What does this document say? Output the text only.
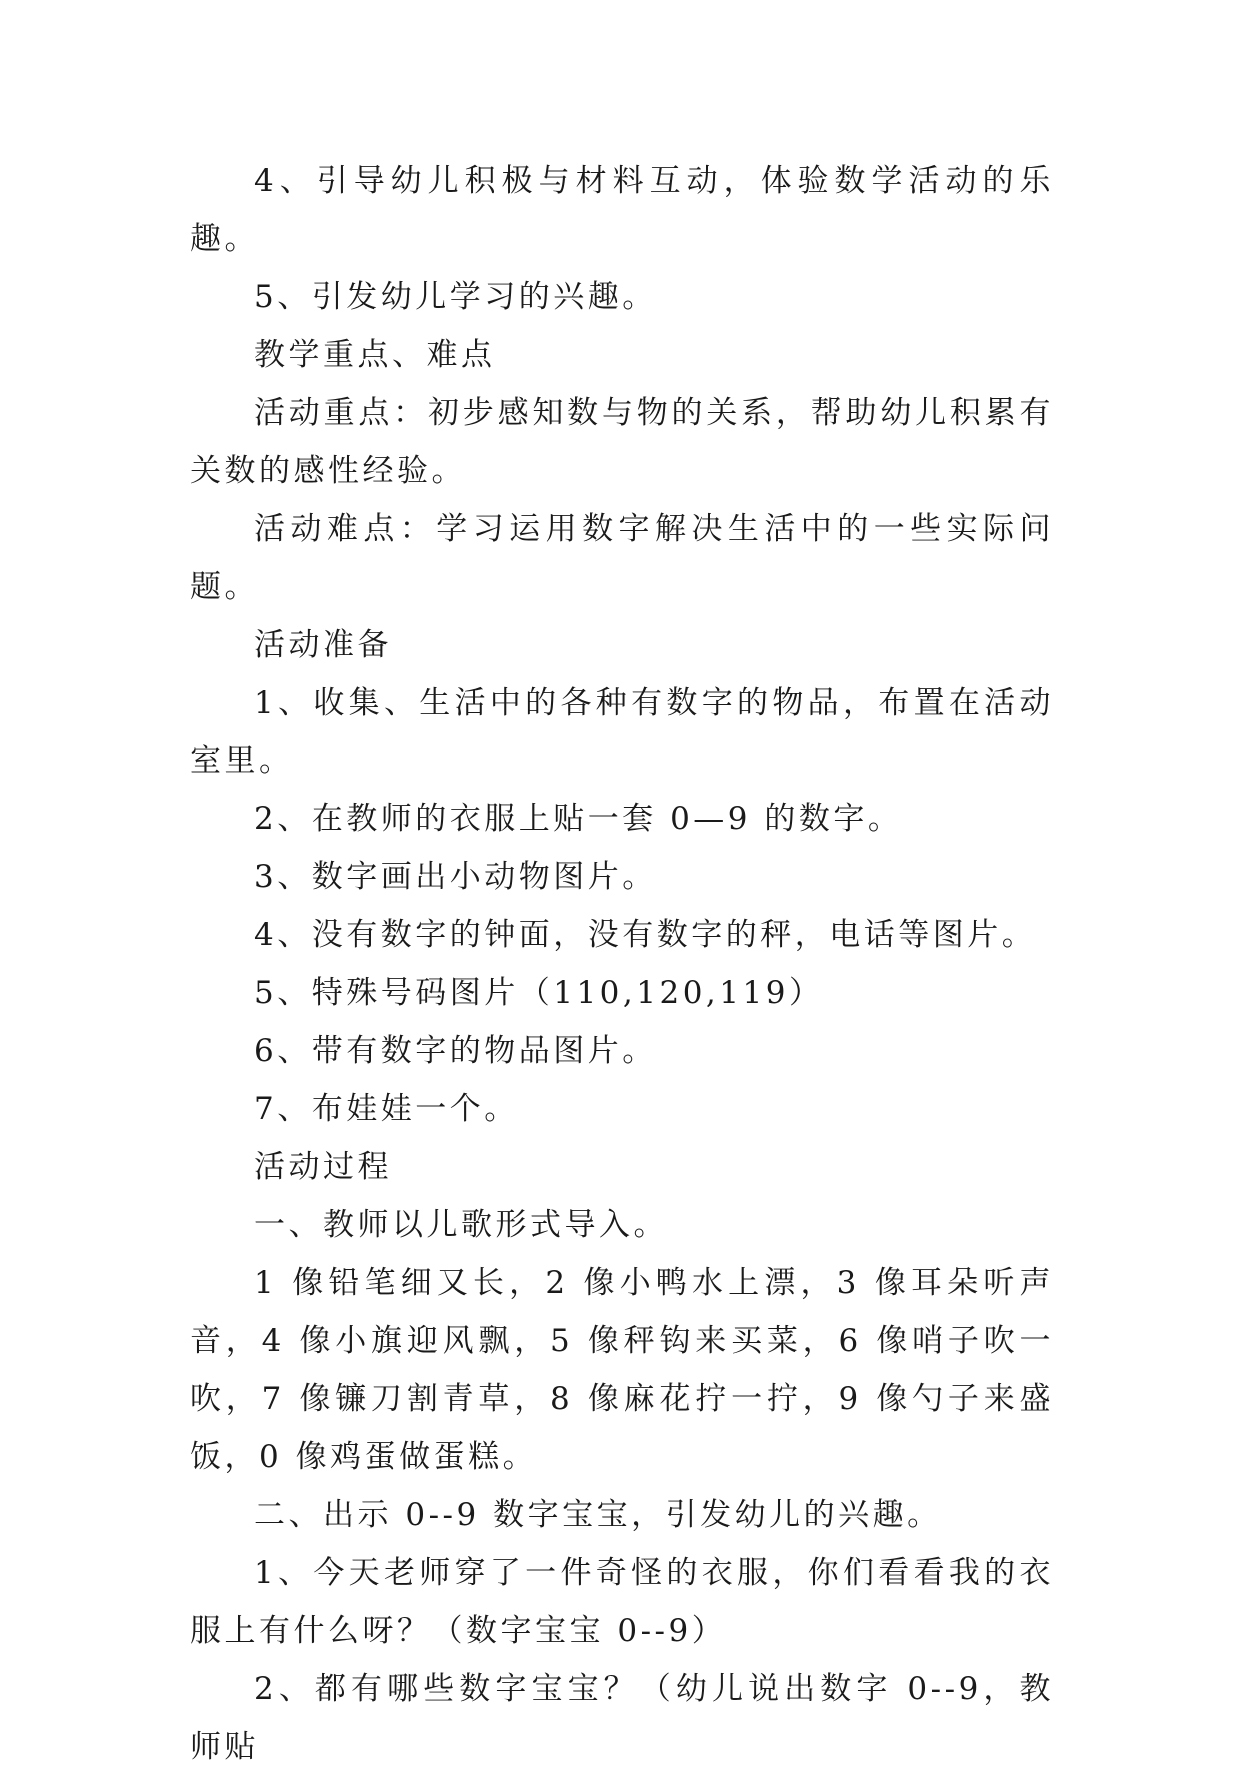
4、引导幼儿积极与材料互动，体验数学活动的乐趣。

5、引发幼儿学习的兴趣。

教学重点、难点

活动重点：初步感知数与物的关系，帮助幼儿积累有关数的感性经验。

活动难点：学习运用数字解决生活中的一些实际问题。

活动准备

1、收集、生活中的各种有数字的物品，布置在活动室里。

2、在教师的衣服上贴一套 0—9 的数字。

3、数字画出小动物图片。

4、没有数字的钟面，没有数字的秤，电话等图片。

5、特殊号码图片（110,120,119）

6、带有数字的物品图片。

7、布娃娃一个。

活动过程

一、教师以儿歌形式导入。

1 像铅笔细又长，2 像小鸭水上漂，3 像耳朵听声音，4 像小旗迎风飘，5 像秤钩来买菜，6 像哨子吹一吹，7 像镰刀割青草，8 像麻花拧一拧，9 像勺子来盛饭，0 像鸡蛋做蛋糕。

二、出示 0--9 数字宝宝，引发幼儿的兴趣。

1、今天老师穿了一件奇怪的衣服，你们看看我的衣服上有什么呀？（数字宝宝 0--9）

2、都有哪些数字宝宝？（幼儿说出数字 0--9，教师贴
